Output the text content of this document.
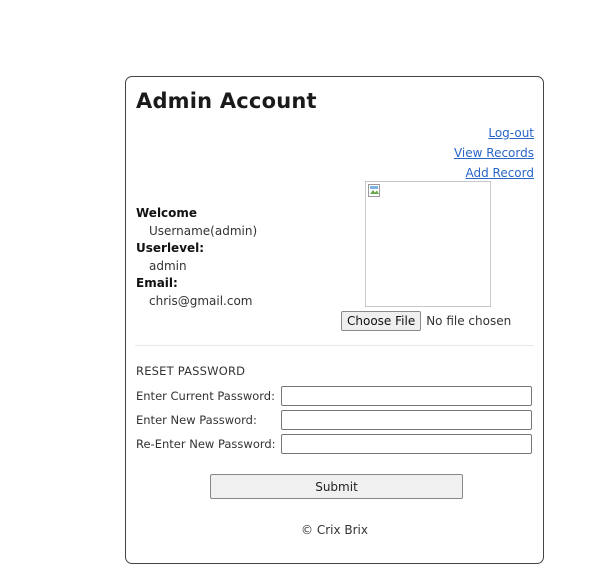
Admin Account
Log-out
View Records
Add Record
Welcome
Username(admin)
Userlevel:
admin
Email:
chris@gmail.com
Choose File No file chosen
RESET PASSWORD
Enter Current Password:
Enter New Password:
Re-Enter New Password:
Submit
© Crix Brix
